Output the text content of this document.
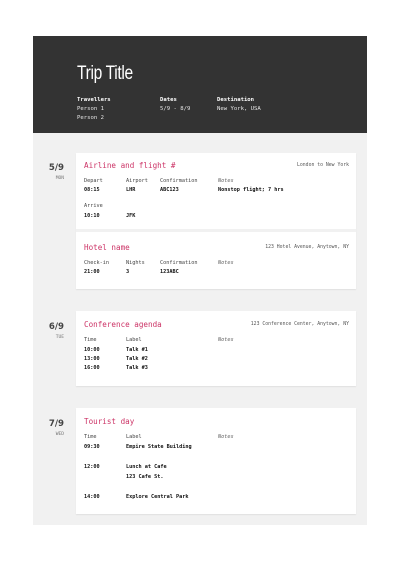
Trip Title
Travellers
Person 1
Person 2
Dates
5/9 - 8/9
Destination
New York, USA
5/9
MON
Airline and flight #	London to New York
Depart	Airport Confirmation	Notes
08:15	LHR	ABC123	Nonstop flight; 7 hrs
Arrive
10:10	JFK
Hotel name	123 Hotel Avenue, Anytown, NY
Check-in	Nights	Confirmation	Notes
21:00	3	123ABC
6/9
TUE
Conference agenda	123 Conference Center, Anytown, NY
Time	Label	Notes
10:00	Talk #1
13:00	Talk #2
16:00	Talk #3
7/9
WED
Tourist day
Time	Label	Notes
09:30	Empire State Building
12:00	Lunch at Cafe
123 Cafe St.
14:00	Explore Central Park
